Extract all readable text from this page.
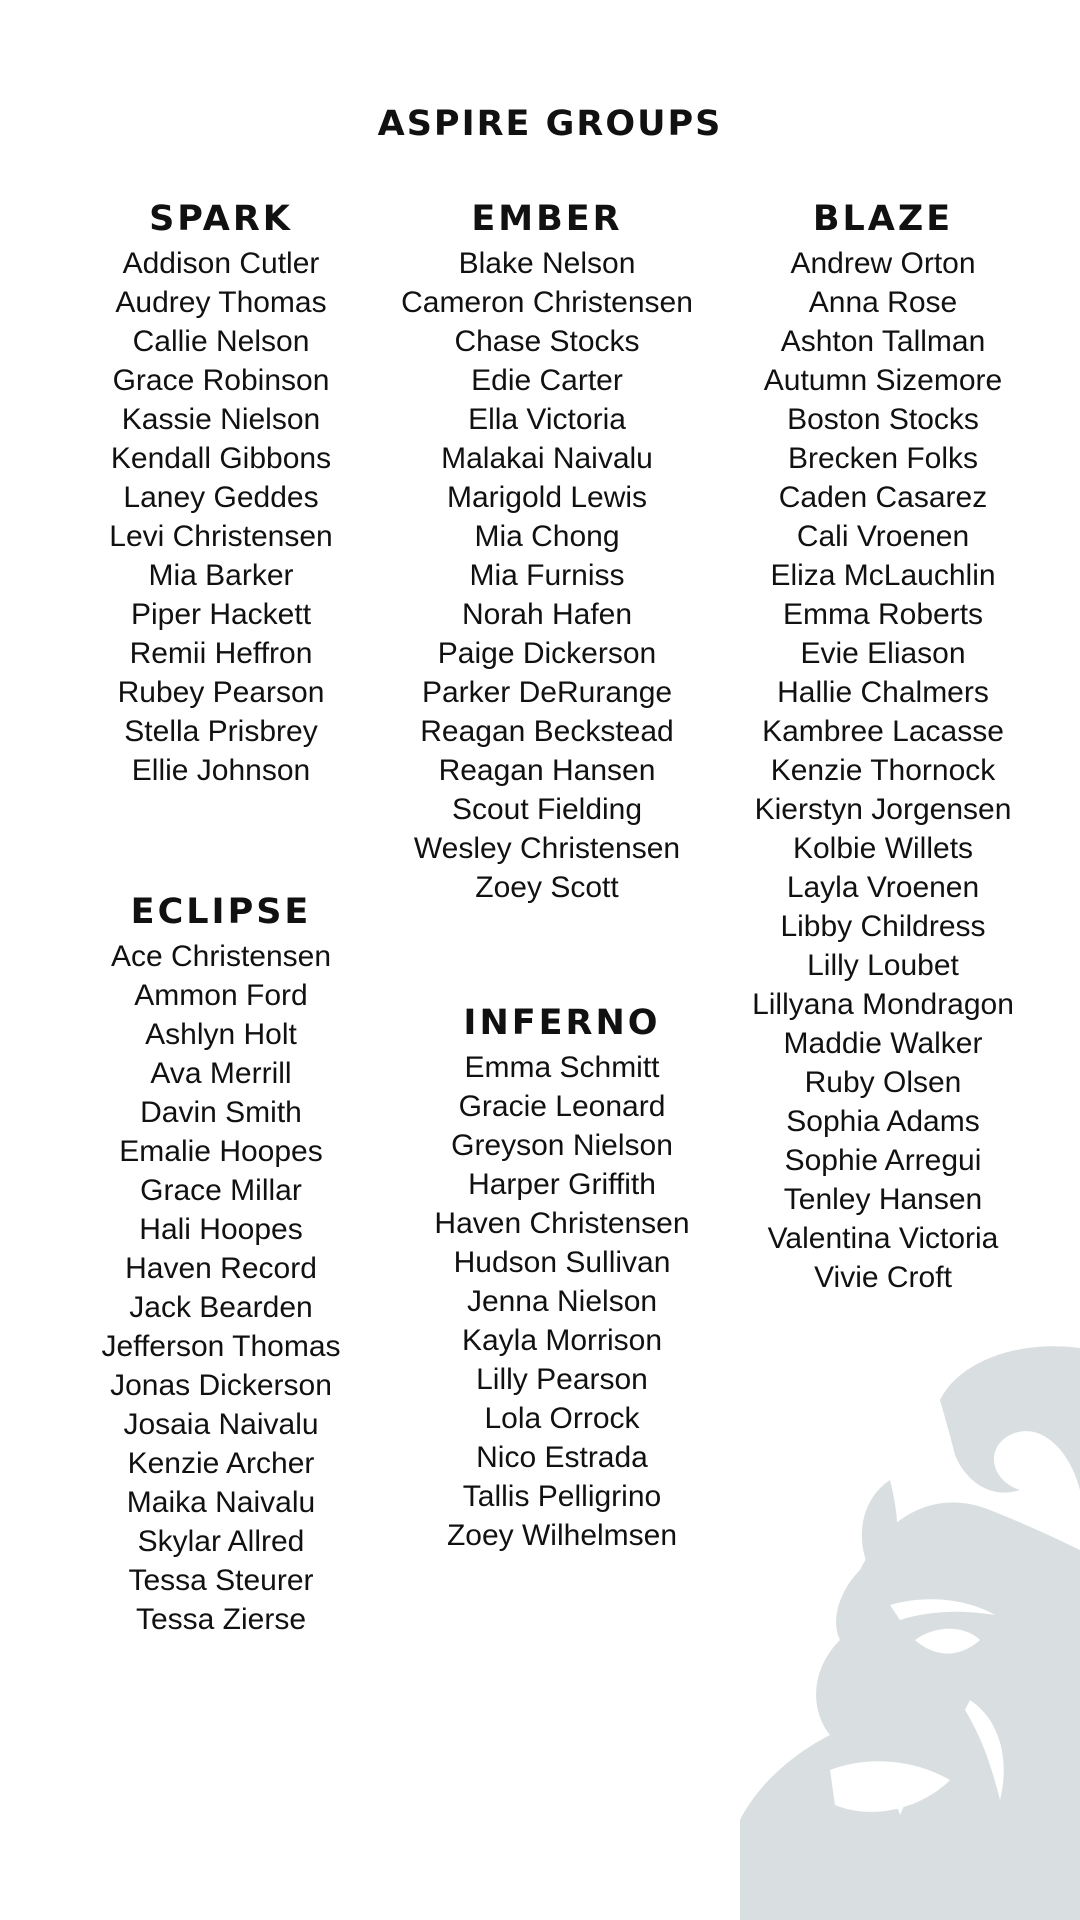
ASPIRE GROUPS
SPARK
Addison Cutler
Audrey Thomas
Callie Nelson
Grace Robinson
Kassie Nielson
Kendall Gibbons
Laney Geddes
Levi Christensen
Mia Barker
Piper Hackett
Remii Heffron
Rubey Pearson
Stella Prisbrey
Ellie Johnson
EMBER
Blake Nelson
Cameron Christensen
Chase Stocks
Edie Carter
Ella Victoria
Malakai Naivalu
Marigold Lewis
Mia Chong
Mia Furniss
Norah Hafen
Paige Dickerson
Parker DeRurange
Reagan Beckstead
Reagan Hansen
Scout Fielding
Wesley Christensen
Zoey Scott
BLAZE
Andrew Orton
Anna Rose
Ashton Tallman
Autumn Sizemore
Boston Stocks
Brecken Folks
Caden Casarez
Cali Vroenen
Eliza McLauchlin
Emma Roberts
Evie Eliason
Hallie Chalmers
Kambree Lacasse
Kenzie Thornock
Kierstyn Jorgensen
Kolbie Willets
Layla Vroenen
Libby Childress
Lilly Loubet
Lillyana Mondragon
Maddie Walker
Ruby Olsen
Sophia Adams
Sophie Arregui
Tenley Hansen
Valentina Victoria
Vivie Croft
ECLIPSE
Ace Christensen
Ammon Ford
Ashlyn Holt
Ava Merrill
Davin Smith
Emalie Hoopes
Grace Millar
Hali Hoopes
Haven Record
Jack Bearden
Jefferson Thomas
Jonas Dickerson
Josaia Naivalu
Kenzie Archer
Maika Naivalu
Skylar Allred
Tessa Steurer
Tessa Zierse
INFERNO
Emma Schmitt
Gracie Leonard
Greyson Nielson
Harper Griffith
Haven Christensen
Hudson Sullivan
Jenna Nielson
Kayla Morrison
Lilly Pearson
Lola Orrock
Nico Estrada
Tallis Pelligrino
Zoey Wilhelmsen
